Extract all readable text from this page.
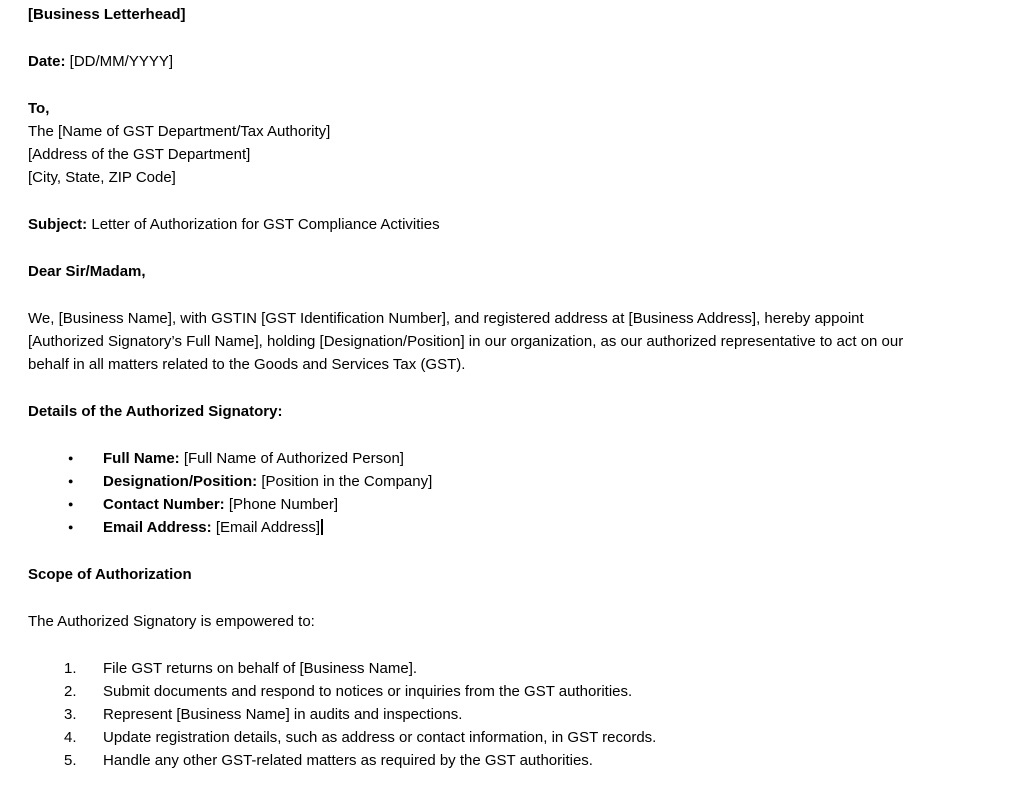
[Business Letterhead]

Date: [DD/MM/YYYY]

To,
The [Name of GST Department/Tax Authority]
[Address of the GST Department]
[City, State, ZIP Code]

Subject: Letter of Authorization for GST Compliance Activities

Dear Sir/Madam,

We, [Business Name], with GSTIN [GST Identification Number], and registered address at [Business Address], hereby appoint
[Authorized Signatory’s Full Name], holding [Designation/Position] in our organization, as our authorized representative to act on our
behalf in all matters related to the Goods and Services Tax (GST).

Details of the Authorized Signatory:

●	Full Name: [Full Name of Authorized Person]
●	Designation/Position: [Position in the Company]
●	Contact Number: [Phone Number]
●	Email Address: [Email Address]

Scope of Authorization

The Authorized Signatory is empowered to:

1.	File GST returns on behalf of [Business Name].
2.	Submit documents and respond to notices or inquiries from the GST authorities.
3.	Represent [Business Name] in audits and inspections.
4.	Update registration details, such as address or contact information, in GST records.
5.	Handle any other GST-related matters as required by the GST authorities.
